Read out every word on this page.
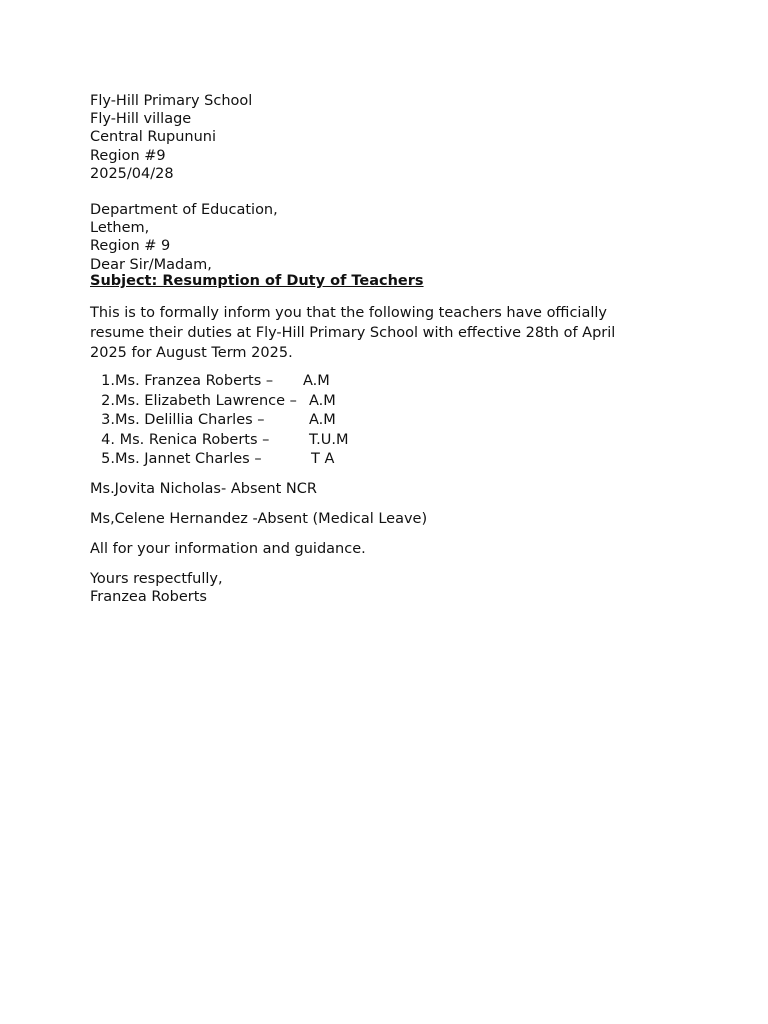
Fly-Hill Primary School
Fly-Hill village
Central Rupununi
Region #9
2025/04/28
Department of Education,
Lethem,
Region # 9
Dear Sir/Madam,
Subject: Resumption of Duty of Teachers
This is to formally inform you that the following teachers have officially resume their duties at Fly-Hill Primary School with effective 28th of April 2025 for August Term 2025.
1. Ms. Franzea Roberts –	A.M
2. Ms. Elizabeth Lawrence – A.M
3. Ms. Delillia Charles –	A.M
4. Ms. Renica Roberts –	T.U.M
5. Ms. Jannet Charles –	T A
Ms.Jovita Nicholas- Absent NCR
Ms,Celene Hernandez -Absent (Medical Leave)
All for your information and guidance.
Yours respectfully,
Franzea Roberts
